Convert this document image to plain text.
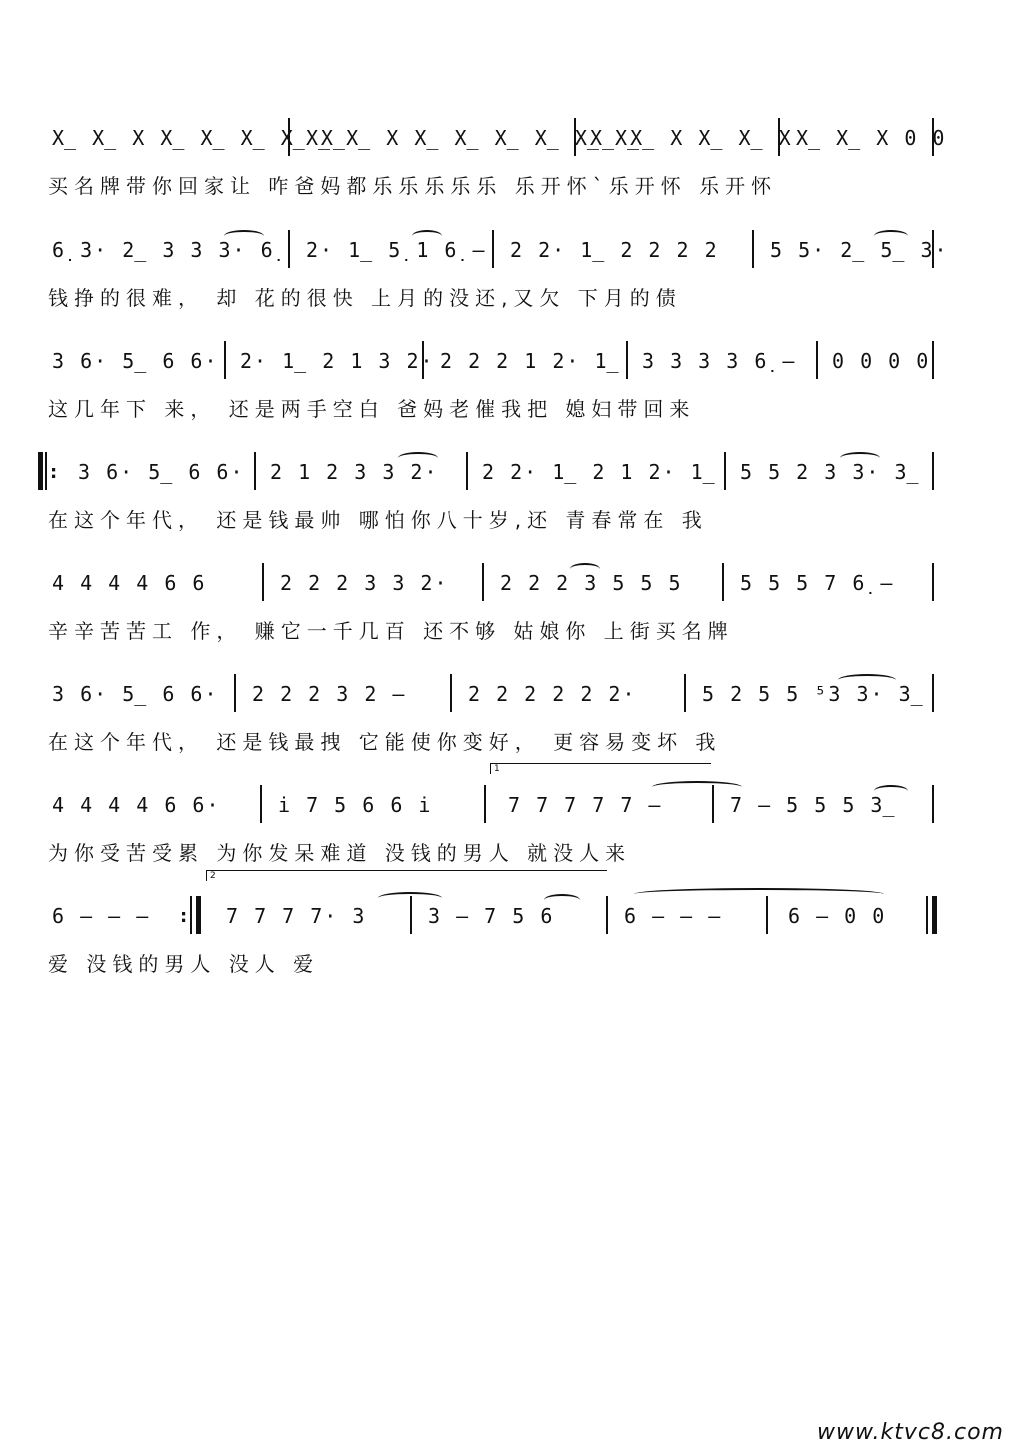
X̲ X̲ X X̲ X̲ X̲ X̲ X̲
X̲ X̲ X X̲ X̲ X̲ X̲ X̲ X̲
X̲ X̲ X X̲ X̲ X X̲ X̲ X 0 0
买名牌带你回家让 咋爸妈都乐乐乐乐乐 乐开怀`乐开怀 乐开怀
6̣ 3· 2̲ 3 3 3· 6̣ 2· 1̲ 5̣ 1 6̣ – 2 2· 1̲ 2 2 2 2	5 5· 2̲ 5̲ 3·
钱挣的很难， 却 花的很快 上月的没还,又欠 下月的债
3 6· 5̲ 6 6· 2· 1̲ 2 1 3 2· 2 2 2 1 2· 1̲ 3 3 3 3 6̣ – 0 0 0 0
这几年下 来， 还是两手空白 爸妈老催我把 媳妇带回来
: 3 6· 5̲ 6 6· 2 1 2 3 3 2· 2 2· 1̲ 2 1 2· 1̲ 5 5 2 3 3· 3̲
在这个年代， 还是钱最帅 哪怕你八十岁,还 青春常在 我
4 4 4 4 6 6	2 2 2 3 3 2·	2 2 2 3 5 5 5	5 5 5 7 6̣ –
辛辛苦苦工 作， 赚它一千几百 还不够 姑娘你 上街买名牌
3 6· 5̲ 6 6· 2 2 2 3 2 –	2 2 2 2 2 2·	5 2 5 5 ⁵3 3· 3̲
在这个年代， 还是钱最拽 它能使你变好， 更容易变坏 我
1
4 4 4 4 6 6·	i̇ 7 5 6 6 i̇	7 7 7 7 7 –	7 – 5 5 5 3̲
为你受苦受累 为你发呆难道 没钱的男人 就没人来
2
6 – – – : 7 7 7 7· 3	3 – 7 5 6	6 – – –	6 – 0 0
爱 没钱的男人 没人 爱
www.ktvc8.com
